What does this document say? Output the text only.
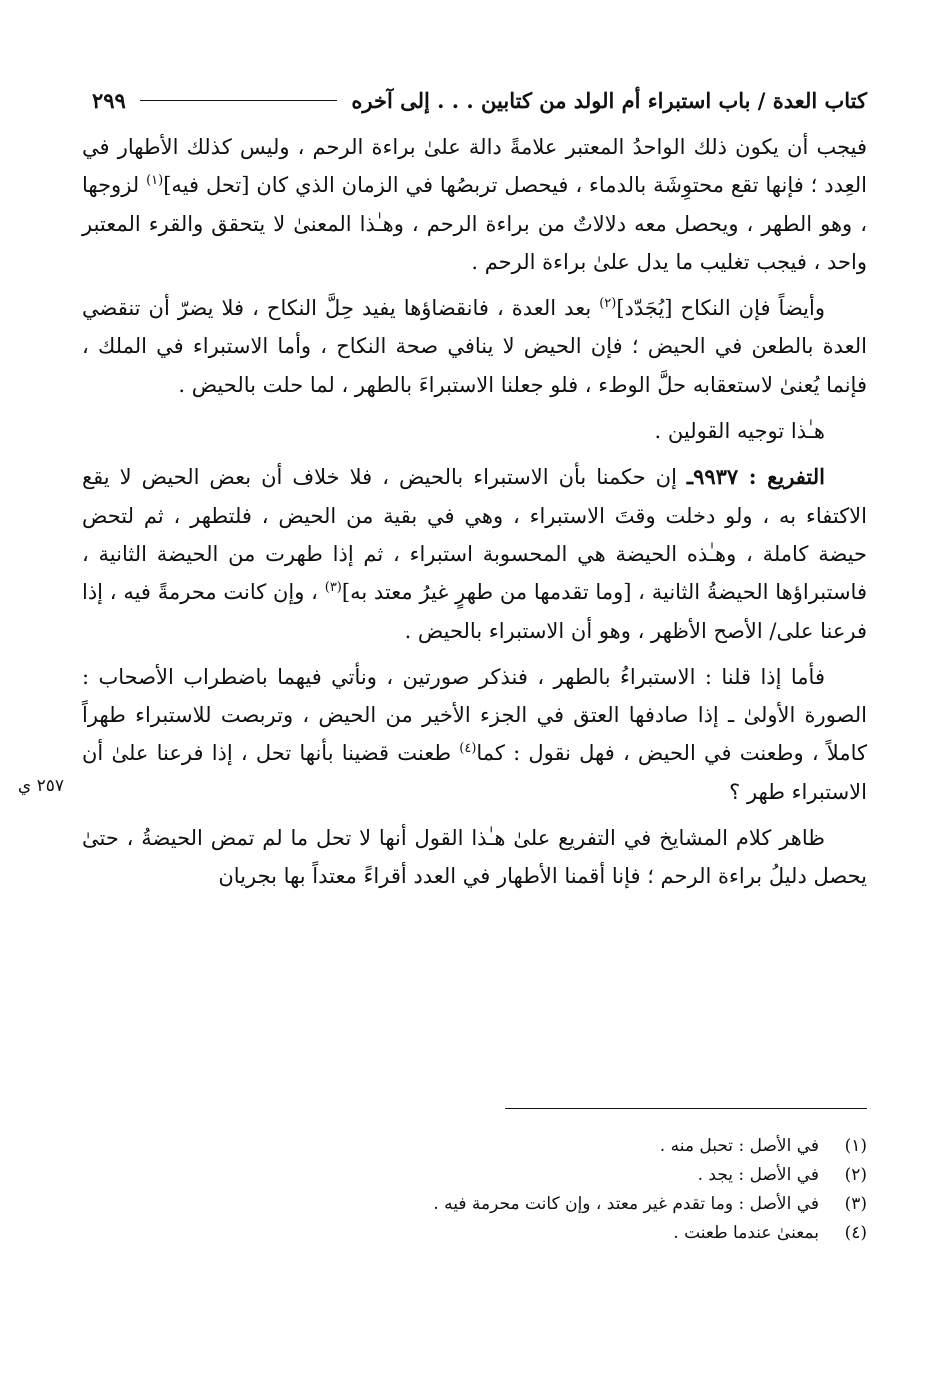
كتاب العدة / باب استبراء أم الولد من كتابين . . . إلى آخره
٢٩٩

فيجب أن يكون ذلك الواحدُ المعتبر علامةً دالة علىٰ براءة الرحم ، وليس كذلك الأطهار في العِدد ؛ فإنها تقع محتوِشَة بالدماء ، فيحصل تربصُها في الزمان الذي كان [تحل فيه]$^{(١)}$ لزوجها ، وهو الطهر ، ويحصل معه دلالاتٌ من براءة الرحم ، وهـٰذا المعنىٰ لا يتحقق والقرء المعتبر واحد ، فيجب تغليب ما يدل علىٰ براءة الرحم .

وأيضاً فإن النكاح [يُجَدّد]$^{(٢)}$ بعد العدة ، فانقضاؤها يفيد حِلَّ النكاح ، فلا يضرّ أن تنقضي العدة بالطعن في الحيض ؛ فإن الحيض لا ينافي صحة النكاح ، وأما الاستبراء في الملك ، فإنما يُعنىٰ لاستعقابه حلَّ الوطء ، فلو جعلنا الاستبراءَ بالطهر ، لما حلت بالحيض .

هـٰذا توجيه القولين .

التفريع : ٩٩٣٧ـ إن حكمنا بأن الاستبراء بالحيض ، فلا خلاف أن بعض الحيض لا يقع الاكتفاء به ، ولو دخلت وقتَ الاستبراء ، وهي في بقية من الحيض ، فلتطهر ، ثم لتحض حيضة كاملة ، وهـٰذه الحيضة هي المحسوبة استبراء ، ثم إذا طهرت من الحيضة الثانية ، فاستبراؤها الحيضةُ الثانية ، [وما تقدمها من طهرٍ غيرُ معتد به]$^{(٣)}$ ، وإن كانت محرمةً فيه ، إذا فرعنا على/ الأصح الأظهر ، وهو أن الاستبراء بالحيض .

فأما إذا قلنا : الاستبراءُ بالطهر ، فنذكر صورتين ، ونأتي فيهما باضطراب الأصحاب : الصورة الأولىٰ ـ إذا صادفها العتق في الجزء الأخير من الحيض ، وتربصت للاستبراء طهراً كاملاً ، وطعنت في الحيض ، فهل نقول : كما$^{(٤)}$ طعنت قضينا بأنها تحل ، إذا فرعنا علىٰ أن الاستبراء طهر ؟

ظاهر كلام المشايخ في التفريع علىٰ هـٰذا القول أنها لا تحل ما لم تمض الحيضةُ ، حتىٰ يحصل دليلُ براءة الرحم ؛ فإنا أقمنا الأطهار في العدد أقراءً معتداً بها بجريان

٢٥٧ ي
(١)
في الأصل : تحبل منه .
(٢)
في الأصل : يجد .
(٣)
في الأصل : وما تقدم غير معتد ، وإن كانت محرمة فيه .
(٤)
بمعنىٰ عندما طعنت .
